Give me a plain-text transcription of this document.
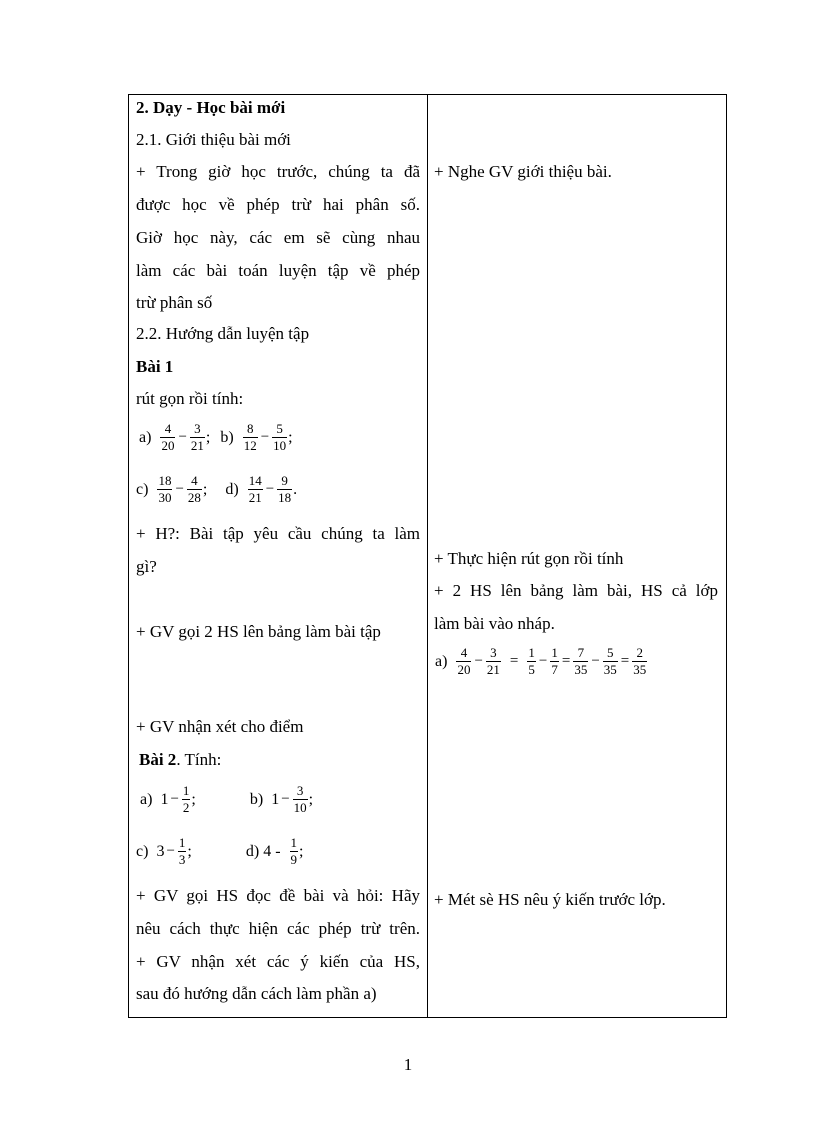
2. Dạy - Học bài mới
2.1. Giới thiệu bài mới
+ Trong giờ học trước, chúng ta đã
được học về phép trừ hai phân số.
Giờ học này, các em sẽ cùng nhau
làm các bài toán luyện tập về phép
trừ phân số
2.2. Hướng dẫn luyện tập
Bài 1
rút gọn rồi tính:
$a) \frac{4}{20} - \frac{3}{21}$ ; $b) \frac{8}{12} - \frac{5}{10}$ ;
$c) \frac{18}{30} - \frac{4}{28}$ ; $d) \frac{14}{21} - \frac{9}{18}$ .
+ H?: Bài tập yêu cầu chúng ta làm
gì?
+ GV gọi 2 HS lên bảng làm bài tập
+ GV nhận xét cho điểm
Bài 2. Tính:
a) $1 - \frac{1}{2}$ ;	b) $1 - \frac{3}{10}$ ;
c) $3 - \frac{1}{3}$ ;	d) $4 - \frac{1}{9}$ ;
+ GV gọi HS đọc đề bài và hỏi: Hãy
nêu cách thực hiện các phép trừ trên.
+ GV nhận xét các ý kiến của HS,
sau đó hướng dẫn cách làm phần a)
+ Nghe GV giới thiệu bài.
+ Thực hiện rút gọn rồi tính
+ 2 HS lên bảng làm bài, HS cả lớp
làm bài vào nháp.
$a) \frac{4}{20} - \frac{3}{21} = \frac{1}{5} - \frac{1}{7} = \frac{7}{35} - \frac{5}{35} = \frac{2}{35}$
+ Mét sè HS nêu ý kiến trước lớp.
1
